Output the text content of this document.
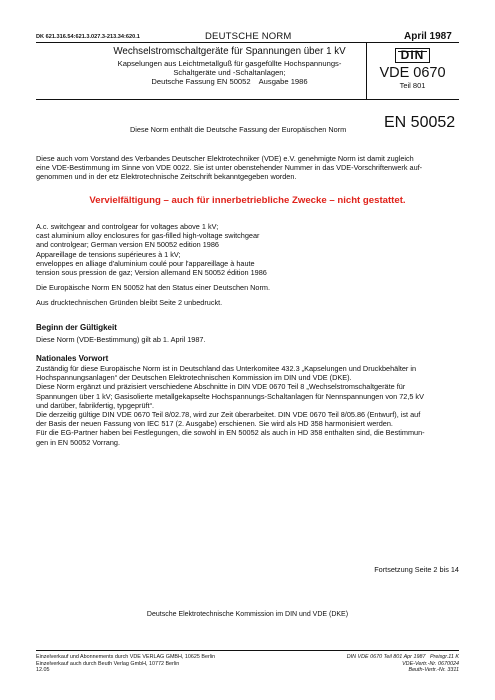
DK 621.316.54:621.3.027.3-213.34:620.1	DEUTSCHE NORM	April 1987
Wechselstromschaltgeräte für Spannungen über 1 kV
Kapselungen aus Leichtmetallguß für gasgefüllte Hochspannungs-
Schaltgeräte und -Schaltanlagen;
Deutsche Fassung EN 50052    Ausgabe 1986
DIN
VDE 0670
Teil 801
Diese Norm enthält die Deutsche Fassung der Europäischen Norm EN 50052
Diese auch vom Vorstand des Verbandes Deutscher Elektrotechniker (VDE) e.V. genehmigte Norm ist damit zugleich
eine VDE-Bestimmung im Sinne von VDE 0022. Sie ist unter obenstehender Nummer in das VDE-Vorschriftenwerk auf-
genommen und in der etz Elektrotechnische Zeitschrift bekanntgegeben worden.
Vervielfältigung – auch für innerbetriebliche Zwecke – nicht gestattet.
A.c. switchgear and controlgear for voltages above 1 kV;
cast aluminium alloy enclosures for gas-filled high-voltage switchgear
and controlgear; German version EN 50052 edition 1986
Appareillage de tensions supérieures à 1 kV;
enveloppes en alliage d'aluminium coulé pour l'appareillage à haute
tension sous pression de gaz; Version allemand EN 50052 édition 1986
Die Europäische Norm EN 50052 hat den Status einer Deutschen Norm.
Aus drucktechnischen Gründen bleibt Seite 2 unbedruckt.
Beginn der Gültigkeit
Diese Norm (VDE-Bestimmung) gilt ab 1. April 1987.
Nationales Vorwort
Zuständig für diese Europäische Norm ist in Deutschland das Unterkomitee 432.3 „Kapselungen und Druckbehälter in
Hochspannungsanlagen“ der Deutschen Elektrotechnischen Kommission im DIN und VDE (DKE).
Diese Norm ergänzt und präzisiert verschiedene Abschnitte in DIN VDE 0670 Teil 8 „Wechselstromschaltgeräte für
Spannungen über 1 kV; Gasisolierte metallgekapselte Hochspannungs-Schaltanlagen für Nennspannungen von 72,5 kV
und darüber, fabrikfertig, typgeprüft“.
Die derzeitig gültige DIN VDE 0670 Teil 8/02.78, wird zur Zeit überarbeitet. DIN VDE 0670 Teil 8/05.86 (Entwurf), ist auf
der Basis der neuen Fassung von IEC 517 (2. Ausgabe) erschienen. Sie wird als HD 358 harmonisiert werden.
Für die EG-Partner haben bei Festlegungen, die sowohl in EN 50052 als auch in HD 358 enthalten sind, die Bestimmun-
gen in EN 50052 Vorrang.
Fortsetzung Seite 2 bis 14
Deutsche Elektrotechnische Kommission im DIN und VDE (DKE)
Einzelverkauf und Abonnements durch VDE VERLAG GMBH, 10625 Berlin
Einzelverkauf auch durch Beuth Verlag GmbH, 10772 Berlin
12.05
DIN VDE 0670 Teil 801 Apr 1987   Preisgr.11 K
VDE-Vertr.-Nr. 0670024
Beuth-Vertr.-Nr. 3311
